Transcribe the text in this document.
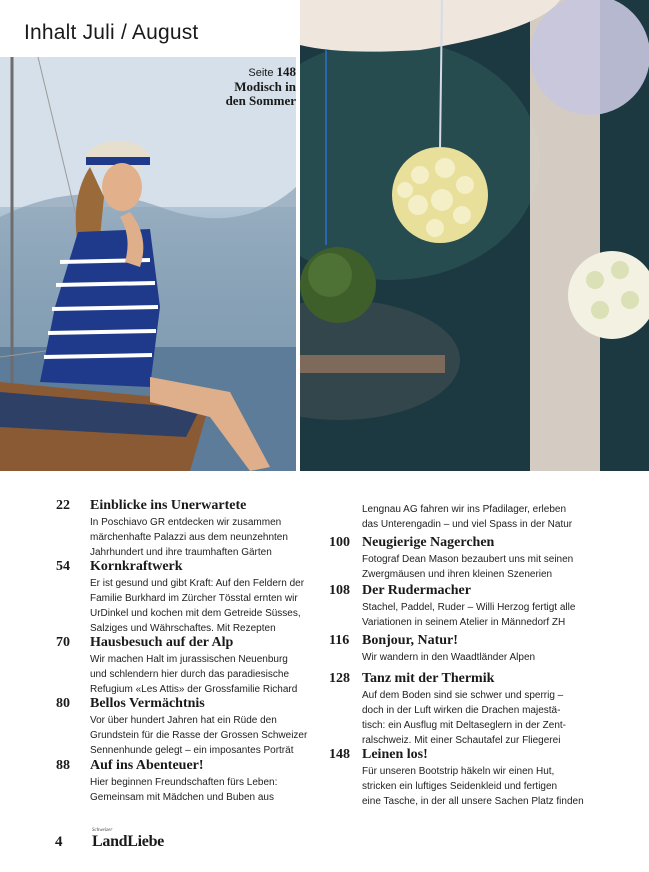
Inhalt Juli / August
Seite 148
Modisch in
den Sommer
22 Einblicke ins Unerwartete
In Poschiavo GR entdecken wir zusammen
märchenhafte Palazzi aus dem neunzehnten
Jahrhundert und ihre traumhaften Gärten
54 Kornkraftwerk
Er ist gesund und gibt Kraft: Auf den Feldern der
Familie Burkhard im Zürcher Tösstal ernten wir
UrDinkel und kochen mit dem Getreide Süsses,
Salziges und Währschaftes. Mit Rezepten
70 Hausbesuch auf der Alp
Wir machen Halt im jurassischen Neuenburg
und schlendern hier durch das paradiesische
Refugium «Les Attis» der Grossfamilie Richard
80 Bellos Vermächtnis
Vor über hundert Jahren hat ein Rüde den
Grundstein für die Rasse der Grossen Schweizer
Sennenhunde gelegt – ein imposantes Porträt
88 Auf ins Abenteuer!
Hier beginnen Freundschaften fürs Leben:
Gemeinsam mit Mädchen und Buben aus
Lengnau AG fahren wir ins Pfadilager, erleben
das Unterengadin – und viel Spass in der Natur
100 Neugierige Nagerchen
Fotograf Dean Mason bezaubert uns mit seinen
Zwergmäusen und ihren kleinen Szenerien
108 Der Rudermacher
Stachel, Paddel, Ruder – Willi Herzog fertigt alle
Variationen in seinem Atelier in Männedorf ZH
116 Bonjour, Natur!
Wir wandern in den Waadtländer Alpen
128 Tanz mit der Thermik
Auf dem Boden sind sie schwer und sperrig –
doch in der Luft wirken die Drachen majestä-
tisch: ein Ausflug mit Deltaseglern in der Zent-
ralschweiz. Mit einer Schautafel zur Fliegerei
148 Leinen los!
Für unseren Bootstrip häkeln wir einen Hut,
stricken ein luftiges Seidenkleid und fertigen
eine Tasche, in der all unsere Sachen Platz finden
4
Schweizer
LandLiebe
